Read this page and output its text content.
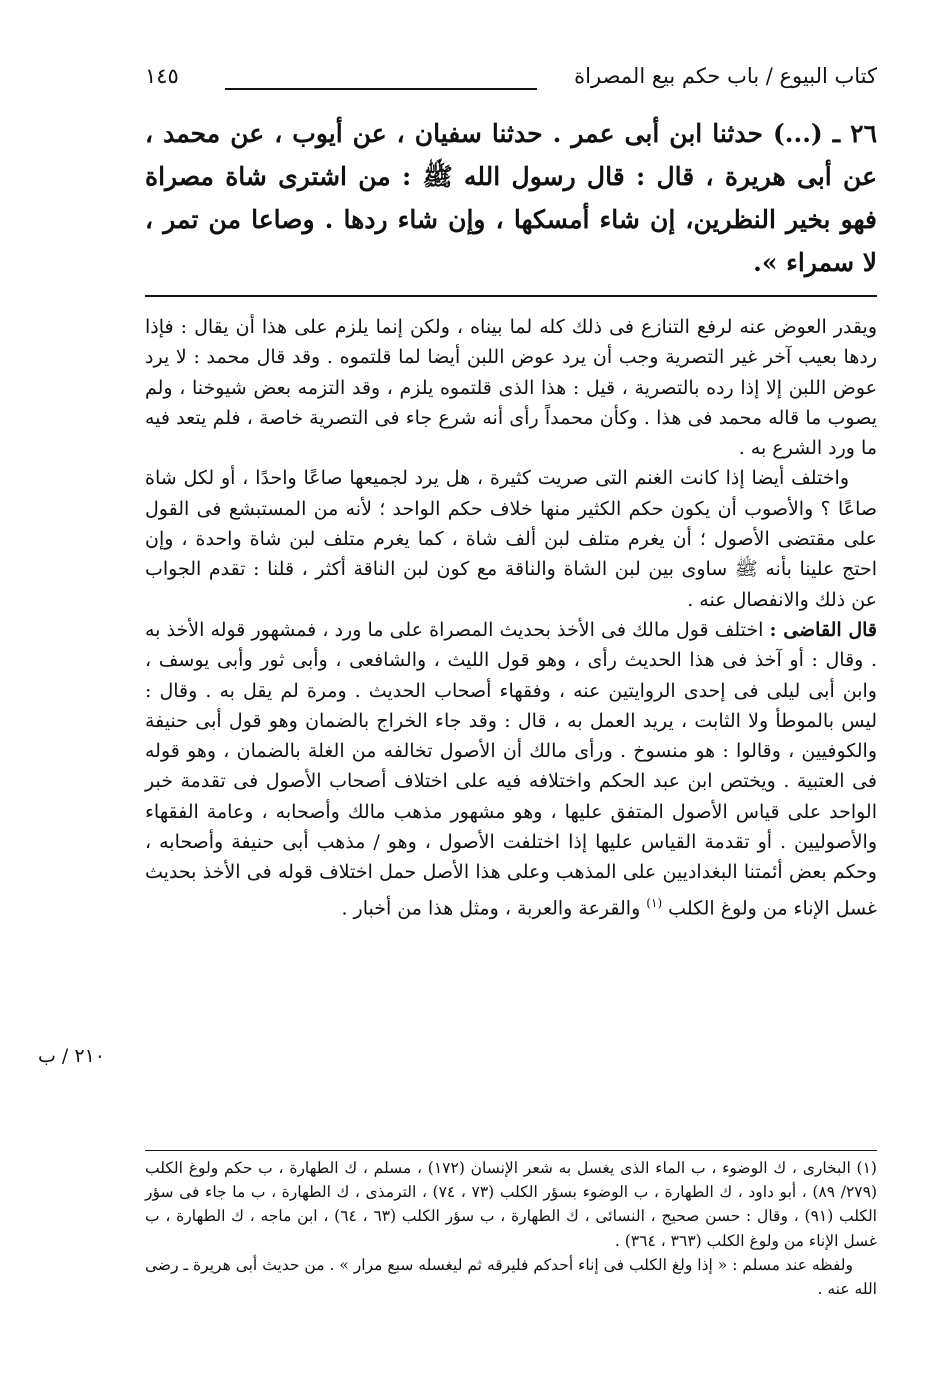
كتاب البيوع / باب حكم بيع المصراة
١٤٥

٢٦ ـ (...) حدثنا ابن أبى عمر . حدثنا سفيان ، عن أيوب ، عن محمد ، عن أبى هريرة ، قال : قال رسول الله ﷺ : من اشترى شاة مصراة فهو بخير النظرين، إن شاء أمسكها ، وإن شاء ردها . وصاعا من تمر ، لا سمراء ».

ويقدر العوض عنه لرفع التنازع فى ذلك كله لما بيناه ، ولكن إنما يلزم على هذا أن يقال : فإذا ردها بعيب آخر غير التصرية وجب أن يرد عوض اللبن أيضا لما قلتموه . وقد قال محمد : لا يرد عوض اللبن إلا إذا رده بالتصرية ، قيل : هذا الذى قلتموه يلزم ، وقد التزمه بعض شيوخنا ، ولم يصوب ما قاله محمد فى هذا . وكأن محمداً رأى أنه شرع جاء فى التصرية خاصة ، فلم يتعد فيه ما ورد الشرع به .

واختلف أيضا إذا كانت الغنم التى صريت كثيرة ، هل يرد لجميعها صاعًا واحدًا ، أو لكل شاة صاعًا ؟ والأصوب أن يكون حكم الكثير منها خلاف حكم الواحد ؛ لأنه من المستبشع فى القول على مقتضى الأصول ؛ أن يغرم متلف لبن ألف شاة ، كما يغرم متلف لبن شاة واحدة ، وإن احتج علينا بأنه ﷺ ساوى بين لبن الشاة والناقة مع كون لبن الناقة أكثر ، قلنا : تقدم الجواب عن ذلك والانفصال عنه .

قال القاضى : اختلف قول مالك فى الأخذ بحديث المصراة على ما ورد ، فمشهور قوله الأخذ به . وقال : أو آخذ فى هذا الحديث رأى ، وهو قول الليث ، والشافعى ، وأبى ثور وأبى يوسف ، وابن أبى ليلى فى إحدى الروايتين عنه ، وفقهاء أصحاب الحديث . ومرة لم يقل به . وقال : ليس بالموطأ ولا الثابت ، يريد العمل به ، قال : وقد جاء الخراج بالضمان وهو قول أبى حنيفة والكوفيين ، وقالوا : هو منسوخ . ورأى مالك أن الأصول تخالفه من الغلة بالضمان ، وهو قوله فى العتبية . ويختص ابن عبد الحكم واختلافه فيه على اختلاف أصحاب الأصول فى تقدمة خبر الواحد على قياس الأصول المتفق عليها ، وهو مشهور مذهب مالك وأصحابه ، وعامة الفقهاء والأصوليين . أو تقدمة القياس عليها إذا اختلفت الأصول ، وهو / مذهب أبى حنيفة وأصحابه ، وحكم بعض أئمتنا البغداديين على المذهب وعلى هذا الأصل حمل اختلاف قوله فى الأخذ بحديث غسل الإناء من ولوغ الكلب $^{(١)}$ والقرعة والعربة ، ومثل هذا من أخبار .

٢١٠ / ب

(١) البخارى ، ك الوضوء ، ب الماء الذى يغسل به شعر الإنسان (١٧٢) ، مسلم ، ك الطهارة ، ب حكم ولوغ الكلب (٢٧٩/ ٨٩) ، أبو داود ، ك الطهارة ، ب الوضوء بسؤر الكلب (٧٣ ، ٧٤) ، الترمذى ، ك الطهارة ، ب ما جاء فى سؤر الكلب (٩١) ، وقال : حسن صحيح ، النسائى ، ك الطهارة ، ب سؤر الكلب (٦٣ ، ٦٤) ، ابن ماجه ، ك الطهارة ، ب غسل الإناء من ولوغ الكلب (٣٦٣ ، ٣٦٤) .

ولفظه عند مسلم : « إذا ولغ الكلب فى إناء أحدكم فليرقه ثم ليغسله سبع مرار » . من حديث أبى هريرة ـ رضى الله عنه .
